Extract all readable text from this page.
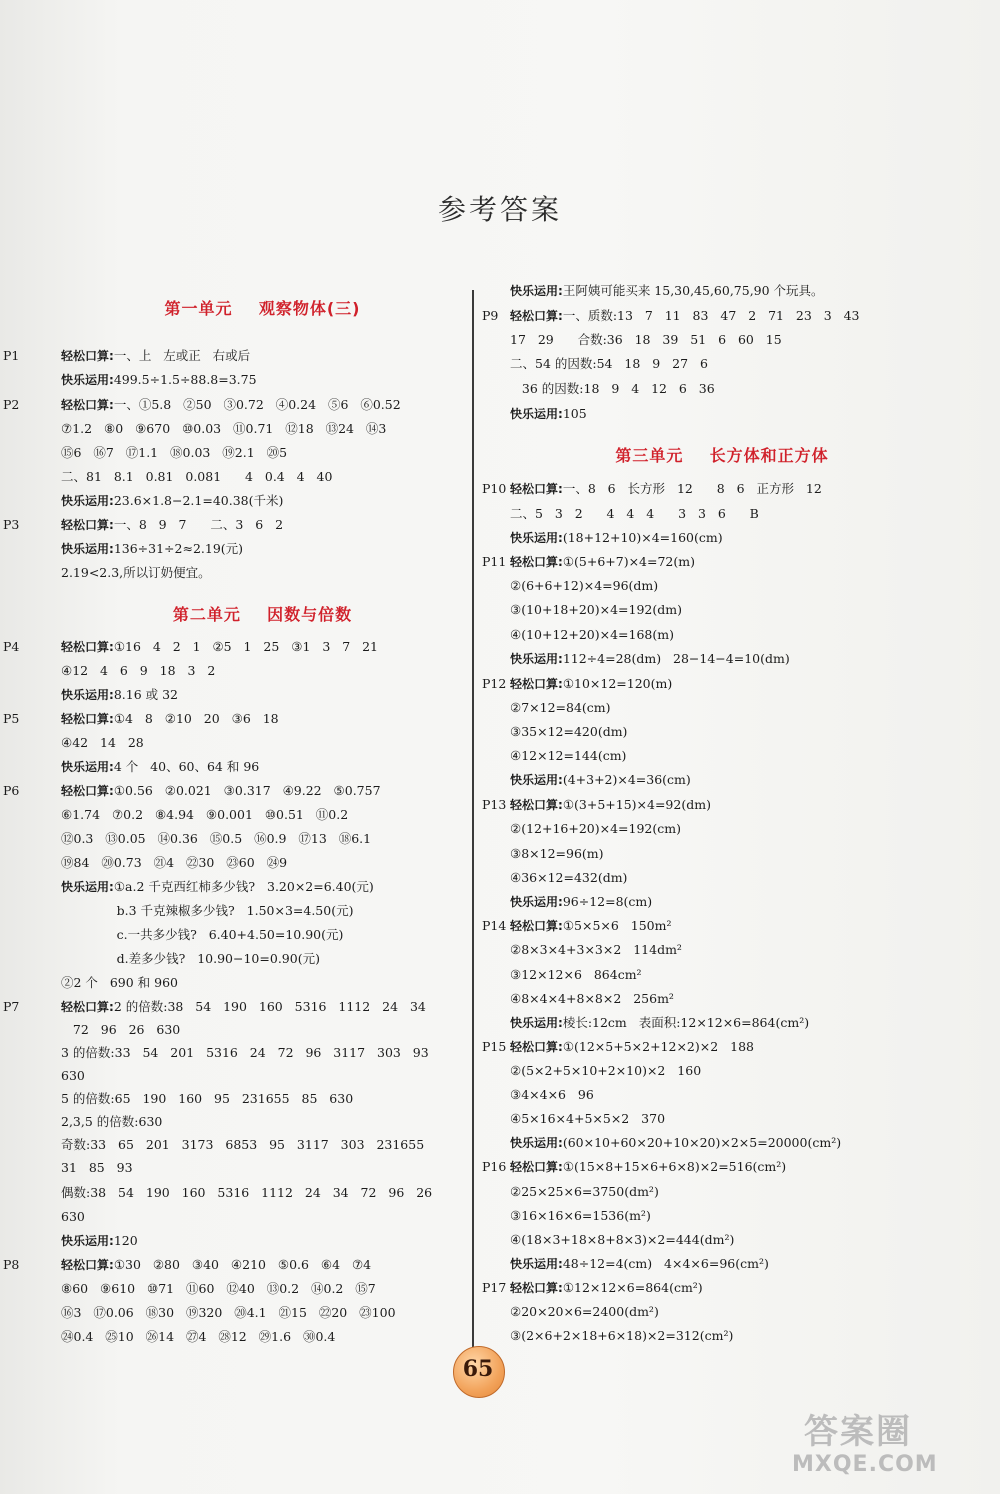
参考答案
第一单元    观察物体(三)
第二单元    因数与倍数
第三单元    长方体和正方体
P1	轻松口算:一、上   左或正   右或后
快乐运用:499.5÷1.5÷88.8=3.75
P2	轻松口算:一、①5.8   ②50   ③0.72   ④0.24   ⑤6   ⑥0.52
⑦1.2   ⑧0   ⑨670   ⑩0.03   ⑪0.71   ⑫18   ⑬24   ⑭3
⑮6   ⑯7   ⑰1.1   ⑱0.03   ⑲2.1   ⑳5
二、81   8.1   0.81   0.081      4   0.4   4   40
快乐运用:23.6×1.8−2.1=40.38(千米)
P3	轻松口算:一、8   9   7      二、3   6   2
快乐运用:136÷31÷2≈2.19(元)
2.19<2.3,所以订奶便宜。
P4	轻松口算:①16   4   2   1   ②5   1   25   ③1   3   7   21
④12   4   6   9   18   3   2
快乐运用:8.16 或 32
P5	轻松口算:①4   8   ②10   20   ③6   18
④42   14   28
快乐运用:4 个   40、60、64 和 96
P6	轻松口算:①0.56   ②0.021   ③0.317   ④9.22   ⑤0.757
⑥1.74   ⑦0.2   ⑧4.94   ⑨0.001   ⑩0.51   ⑪0.2
⑫0.3   ⑬0.05   ⑭0.36   ⑮0.5   ⑯0.9   ⑰13   ⑱6.1
⑲84   ⑳0.73   ㉑4   ㉒30   ㉓60   ㉔9
快乐运用:①a.2 千克西红柿多少钱?   3.20×2=6.40(元)
b.3 千克辣椒多少钱?   1.50×3=4.50(元)
c.一共多少钱?   6.40+4.50=10.90(元)
d.差多少钱?   10.90−10=0.90(元)
②2 个   690 和 960
P7	轻松口算:2 的倍数:38   54   190   160   5316   1112   24   34
72   96   26   630
3 的倍数:33   54   201   5316   24   72   96   3117   303   93
630
5 的倍数:65   190   160   95   231655   85   630
2,3,5 的倍数:630
奇数:33   65   201   3173   6853   95   3117   303   231655
31   85   93
偶数:38   54   190   160   5316   1112   24   34   72   96   26
630
快乐运用:120
P8	轻松口算:①30   ②80   ③40   ④210   ⑤0.6   ⑥4   ⑦4
⑧60   ⑨610   ⑩71   ⑪60   ⑫40   ⑬0.2   ⑭0.2   ⑮7
⑯3   ⑰0.06   ⑱30   ⑲320   ⑳4.1   ㉑15   ㉒20   ㉓100
㉔0.4   ㉕10   ㉖14   ㉗4   ㉘12   ㉙1.6   ㉚0.4
快乐运用:王阿姨可能买来 15,30,45,60,75,90 个玩具。
P9 轻松口算:一、质数:13   7   11   83   47   2   71   23   3   43
17   29      合数:36   18   39   51   6   60   15
二、54 的因数:54   18   9   27   6
36 的因数:18   9   4   12   6   36
快乐运用:105
P10 轻松口算:一、8   6   长方形   12      8   6   正方形   12
二、5   3   2      4   4   4      3   3   6      B
快乐运用:(18+12+10)×4=160(cm)
P11 轻松口算:①(5+6+7)×4=72(m)
②(6+6+12)×4=96(dm)
③(10+18+20)×4=192(dm)
④(10+12+20)×4=168(m)
快乐运用:112÷4=28(dm)   28−14−4=10(dm)
P12 轻松口算:①10×12=120(m)
②7×12=84(cm)
③35×12=420(dm)
④12×12=144(cm)
快乐运用:(4+3+2)×4=36(cm)
P13 轻松口算:①(3+5+15)×4=92(dm)
②(12+16+20)×4=192(cm)
③8×12=96(m)
④36×12=432(dm)
快乐运用:96÷12=8(cm)
P14 轻松口算:①5×5×6   150m²
②8×3×4+3×3×2   114dm²
③12×12×6   864cm²
④8×4×4+8×8×2   256m²
快乐运用:棱长:12cm   表面积:12×12×6=864(cm²)
P15 轻松口算:①(12×5+5×2+12×2)×2   188
②(5×2+5×10+2×10)×2   160
③4×4×6   96
④5×16×4+5×5×2   370
快乐运用:(60×10+60×20+10×20)×2×5=20000(cm²)
P16 轻松口算:①(15×8+15×6+6×8)×2=516(cm²)
②25×25×6=3750(dm²)
③16×16×6=1536(m²)
④(18×3+18×8+8×3)×2=444(dm²)
快乐运用:48÷12=4(cm)   4×4×6=96(cm²)
P17 轻松口算:①12×12×6=864(cm²)
②20×20×6=2400(dm²)
③(2×6+2×18+6×18)×2=312(cm²)
65
答案圈
MXQE.COM
